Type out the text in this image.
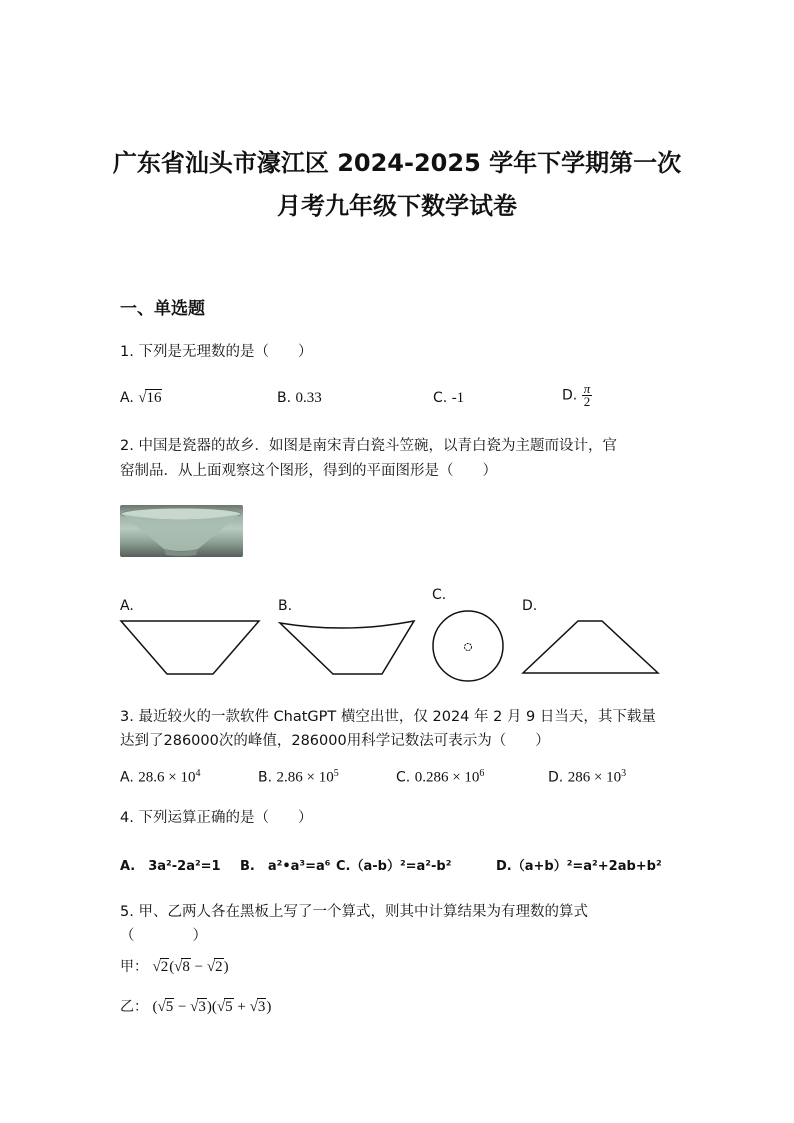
广东省汕头市濠江区 2024-2025 学年下学期第一次
月考九年级下数学试卷
一、单选题
1. 下列是无理数的是（　　）
A. √16	B. 0.33	C. -1	D. $\frac{\pi}{2}$
2. 中国是瓷器的故乡．如图是南宋青白瓷斗笠碗，以青白瓷为主题而设计，官
窑制品．从上面观察这个图形，得到的平面图形是（　　）
A.	B.
C.
D.
3. 最近较火的一款软件 ChatGPT 横空出世，仅 2024 年 2 月 9 日当天，其下载量
达到了286000次的峰值，286000用科学记数法可表示为（　　）
A. $28.6 \times 10^4$	B. $2.86 \times 10^5$	C. $0.286 \times 10^6$	D. $286 \times 10^3$
4. 下列运算正确的是（　　）
A.　3a²-2a²=1 B.　a²•a³=a⁶ C.（a-b）²=a²-b²	D.（a+b）²=a²+2ab+b²
5. 甲、乙两人各在黑板上写了一个算式，则其中计算结果为有理数的算式
（　　　　）
甲： √2(√8 − √2)
乙： (√5 − √3)(√5 + √3)
